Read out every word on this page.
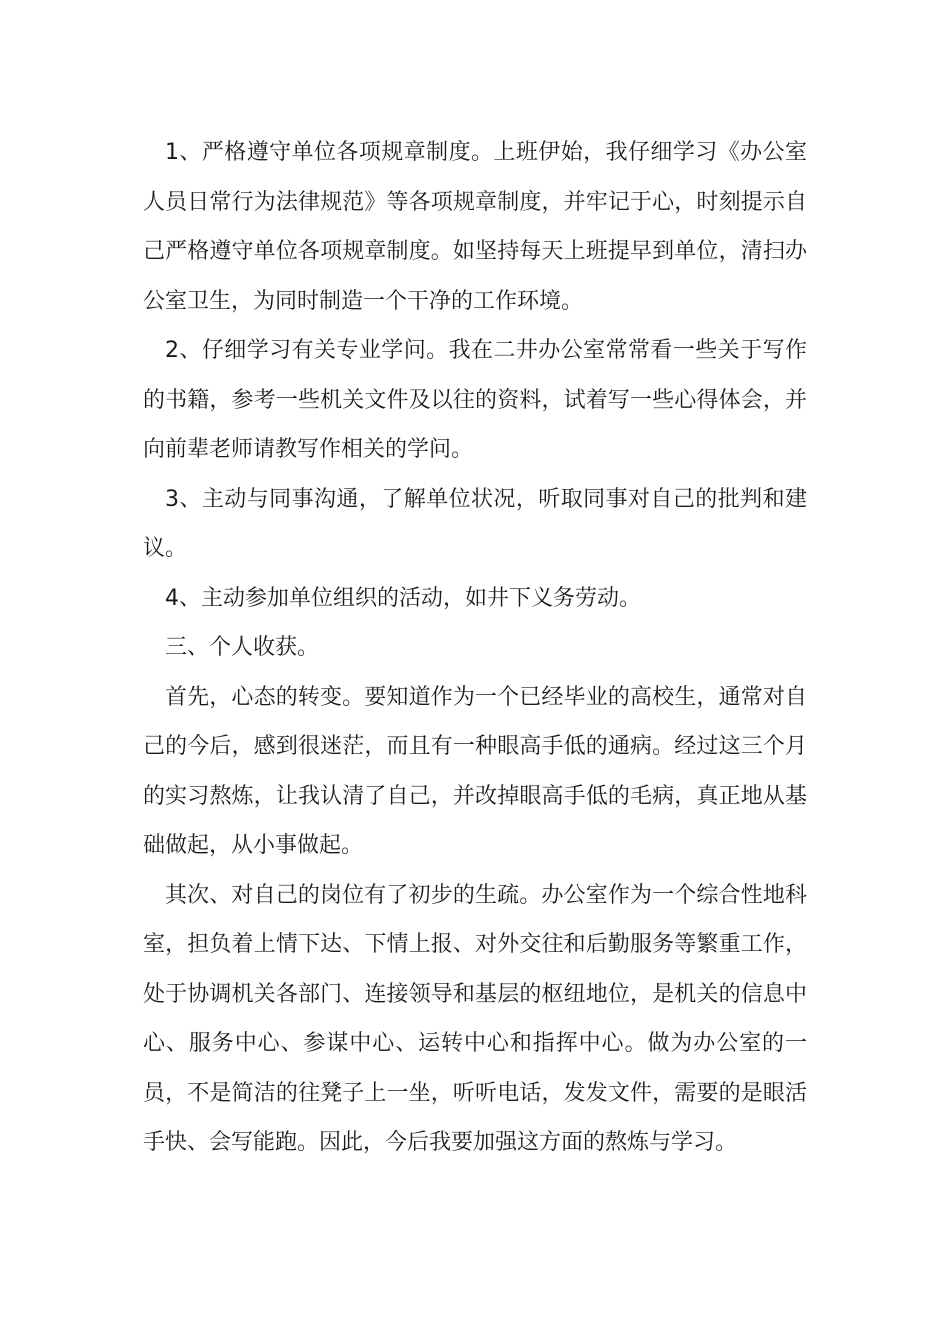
1、严格遵守单位各项规章制度。上班伊始，我仔细学习《办公室人员日常行为法律规范》等各项规章制度，并牢记于心，时刻提示自己严格遵守单位各项规章制度。如坚持每天上班提早到单位，清扫办公室卫生，为同时制造一个干净的工作环境。

2、仔细学习有关专业学问。我在二井办公室常常看一些关于写作的书籍，参考一些机关文件及以往的资料，试着写一些心得体会，并向前辈老师请教写作相关的学问。

3、主动与同事沟通，了解单位状况，听取同事对自己的批判和建议。

4、主动参加单位组织的活动，如井下义务劳动。

三、个人收获。

首先，心态的转变。要知道作为一个已经毕业的高校生，通常对自己的今后，感到很迷茫，而且有一种眼高手低的通病。经过这三个月的实习熬炼，让我认清了自己，并改掉眼高手低的毛病，真正地从基础做起，从小事做起。

其次、对自己的岗位有了初步的生疏。办公室作为一个综合性地科室，担负着上情下达、下情上报、对外交往和后勤服务等繁重工作，处于协调机关各部门、连接领导和基层的枢纽地位，是机关的信息中心、服务中心、参谋中心、运转中心和指挥中心。做为办公室的一员，不是简洁的往凳子上一坐，听听电话，发发文件，需要的是眼活手快、会写能跑。因此，今后我要加强这方面的熬炼与学习。
